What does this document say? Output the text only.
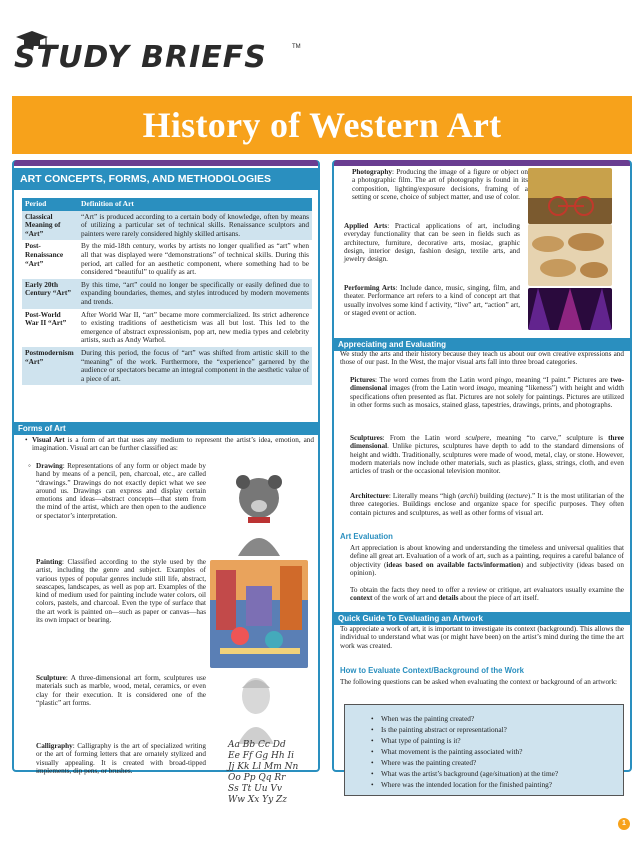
STUDY BRIEFS	TM
History of Western Art
ART CONCEPTS, FORMS, AND METHODOLOGIES
Period	Definition of Art
Classical Meaning of “Art”	“Art” is produced according to a certain body of knowledge, often by means of utilizing a particular set of technical skills. Renaissance sculptors and painters were rarely considered highly skilled artisans.
Post-Renaissance “Art”	By the mid-18th century, works by artists no longer qualified as “art” when all that was displayed were “demonstrations” of technical skills. During this period, art called for an aesthetic component, where something had to be considered “beautiful” to qualify as art.
Early 20th Century “Art”	By this time, “art” could no longer be specifically or easily defined due to expanding boundaries, themes, and styles introduced by modern movements and trends.
Post-World War II “Art”	After World War II, “art” became more commercialized. Its strict adherence to existing traditions of aestheticism was all but lost. This led to the emergence of abstract expressionism, pop art, new media types and celebrity artists, such as Andy Warhol.
Postmodernism “Art”	During this period, the focus of “art” was shifted from artistic skill to the “meaning” of the work. Furthermore, the “experience” garnered by the audience or spectators became an integral component in the aesthetic value of a piece of art.
Forms of Art
Visual Art is a form of art that uses any medium to represent the artist’s idea, emotion, and imagination. Visual art can be further classified as:
Drawing: Representations of any form or object made by hand by means of a pencil, pen, charcoal, etc., are called “drawings.” Drawings do not exactly depict what we see around us. Drawings can express and display certain emotions and ideas—abstract concepts—that stem from the mind of the artist, which are then open to the audience or spectator’s interpretation.
Painting: Classified according to the style used by the artist, including the genre and subject. Examples of various types of popular genres include still life, abstract, seascapes, landscapes, as well as pop art. Examples of the kind of medium used for painting include water colors, oil colors, pastels, and charcoal. Even the type of surface that the art work is painted on—such as paper or canvas—has its own impact or bearing.
Sculpture: A three-dimensional art form, sculptures use materials such as marble, wood, metal, ceramics, or even clay for their execution. It is considered one of the “plastic” art forms.
Calligraphy: Calligraphy is the art of specialized writing or the art of forming letters that are ornately stylized and visually appealing. It is created with broad-tipped implements, dip pens, or brushes.
Aa Bb Cc Dd
Ee Ff Gg Hh Ii
Jj Kk Ll Mm Nn
Oo Pp Qq Rr
Ss Tt Uu Vv
Ww Xx Yy Zz
Photography: Producing the image of a figure or object on a photographic film. The art of photography is found in its composition, lighting/exposure decisions, framing of a setting or scene, choice of subject matter, and use of color.
Applied Arts: Practical applications of art, including everyday functionality that can be seen in fields such as architecture, furniture, decorative arts, mosiac, graphic design, interior design, fashion design, textile arts, and jewelry design.
Performing Arts: Include dance, music, singing, film, and theater. Performance art refers to a kind of concept art that usually involves some kind f activity, “live” art, “action” art, or staged event or action.
Appreciating and Evaluating
We study the arts and their history because they teach us about our own creative expressions and those of our past. In the West, the major visual arts fall into three broad categories.
Pictures: The word comes from the Latin word pingo, meaning “I paint.” Pictures are two-dimensional images (from the Latin word imago, meaning “likeness”) with height and width specifications often presented as flat. Pictures are not solely for paintings. Pictures are utilized in other forms such as mosaics, stained glass, tapestries, drawings, prints, and photographs.
Sculptures: From the Latin word sculpere, meaning “to carve,” sculpture is three dimensional. Unlike pictures, sculptures have depth to add to the standard dimensions of height and width. Traditionally, sculptures were made of wood, metal, clay, or stone. However, modern materials now include other materials, such as plastics, glass, strings, cloth, and even articles of trash or the occasional television monitor.
Architecture: Literally means “high (archi) building (tecture).” It is the most utilitarian of the three categories. Buildings enclose and organize space for specific purposes. They often contain pictures and sculptures, as well as other forms of visual art.
Art Evaluation
Art appreciation is about knowing and understanding the timeless and universal qualities that define all great art. Evaluation of a work of art, such as a painting, requires a careful balance of objectivity (ideas based on available facts/information) and subjectivity (ideas based on opinion).
To obtain the facts they need to offer a review or critique, art evaluators usually examine the context of the work of art and details about the piece of art itself.
Quick Guide To Evaluating an Artwork
To appreciate a work of art, it is important to investigate its context (background). This allows the individual to understand what was (or might have been) on the artist’s mind during the time the art work was created.
How to Evaluate Context/Background of the Work
The following questions can be asked when evaluating the context or background of an artwork:
• When was the painting created?
• Is the painting abstract or representational?
• What type of painting is it?
• What movement is the painting associated with?
• Where was the painting created?
• What was the artist’s background (age/situation) at the time?
• Where was the intended location for the finished painting?
1
